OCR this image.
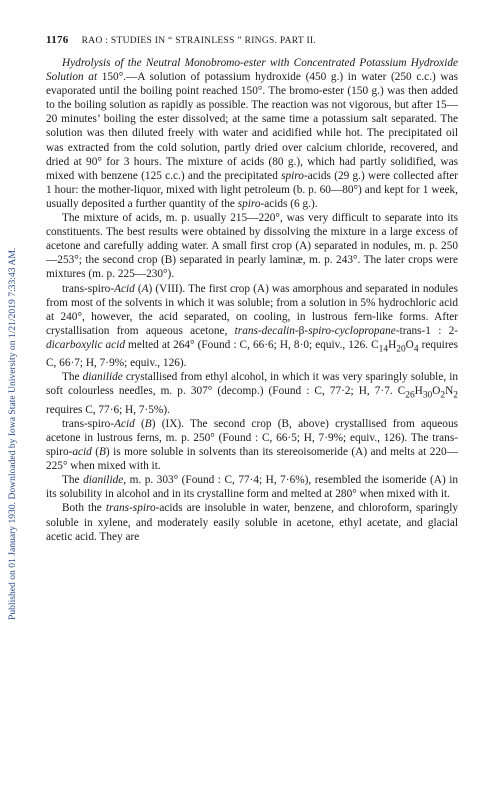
Published on 01 January 1930. Downloaded by Iowa State University on 1/21/2019 7:33:43 AM.
1176 RAO : STUDIES IN “ STRAINLESS ” RINGS. PART II.

Hydrolysis of the Neutral Monobromo-ester with Concentrated Potassium Hydroxide Solution at 150°.—A solution of potassium hydroxide (450 g.) in water (250 c.c.) was evaporated until the boiling point reached 150°. The bromo-ester (150 g.) was then added to the boiling solution as rapidly as possible. The reaction was not vigorous, but after 15—20 minutes’ boiling the ester dissolved; at the same time a potassium salt separated. The solution was then diluted freely with water and acidified while hot. The precipitated oil was extracted from the cold solution, partly dried over calcium chloride, recovered, and dried at 90° for 3 hours. The mixture of acids (80 g.), which had partly solidified, was mixed with benzene (125 c.c.) and the precipitated spiro-acids (29 g.) were collected after 1 hour: the mother-liquor, mixed with light petroleum (b. p. 60—80°) and kept for 1 week, usually deposited a further quantity of the spiro-acids (6 g.).

The mixture of acids, m. p. usually 215—220°, was very difficult to separate into its constituents. The best results were obtained by dissolving the mixture in a large excess of acetone and carefully adding water. A small first crop (A) separated in nodules, m. p. 250—253°; the second crop (B) separated in pearly laminæ, m. p. 243°. The later crops were mixtures (m. p. 225—230°).

trans-spiro-Acid (A) (VIII). The first crop (A) was amorphous and separated in nodules from most of the solvents in which it was soluble; from a solution in 5% hydrochloric acid at 240°, however, the acid separated, on cooling, in lustrous fern-like forms. After crystallisation from aqueous acetone, trans-decalin-β-spiro-cyclopropane-trans-1 : 2-dicarboxylic acid melted at 264° (Found : C, 66·6; H, 8·0; equiv., 126. $C_{14}H_{20}O_4$ requires C, 66·7; H, 7·9%; equiv., 126).

The dianilide crystallised from ethyl alcohol, in which it was very sparingly soluble, in soft colourless needles, m. p. 307° (decomp.) (Found : C, 77·2; H, 7·7. $C_{26}H_{30}O_2N_2$ requires C, 77·6; H, 7·5%).

trans-spiro-Acid (B) (IX). The second crop (B, above) crystallised from aqueous acetone in lustrous ferns, m. p. 250° (Found : C, 66·5; H, 7·9%; equiv., 126). The trans-spiro-acid (B) is more soluble in solvents than its stereoisomeride (A) and melts at 220—225° when mixed with it.

The dianilide, m. p. 303° (Found : C, 77·4; H, 7·6%), resembled the isomeride (A) in its solubility in alcohol and in its crystalline form and melted at 280° when mixed with it.

Both the trans-spiro-acids are insoluble in water, benzene, and chloroform, sparingly soluble in xylene, and moderately easily soluble in acetone, ethyl acetate, and glacial acetic acid. They are
